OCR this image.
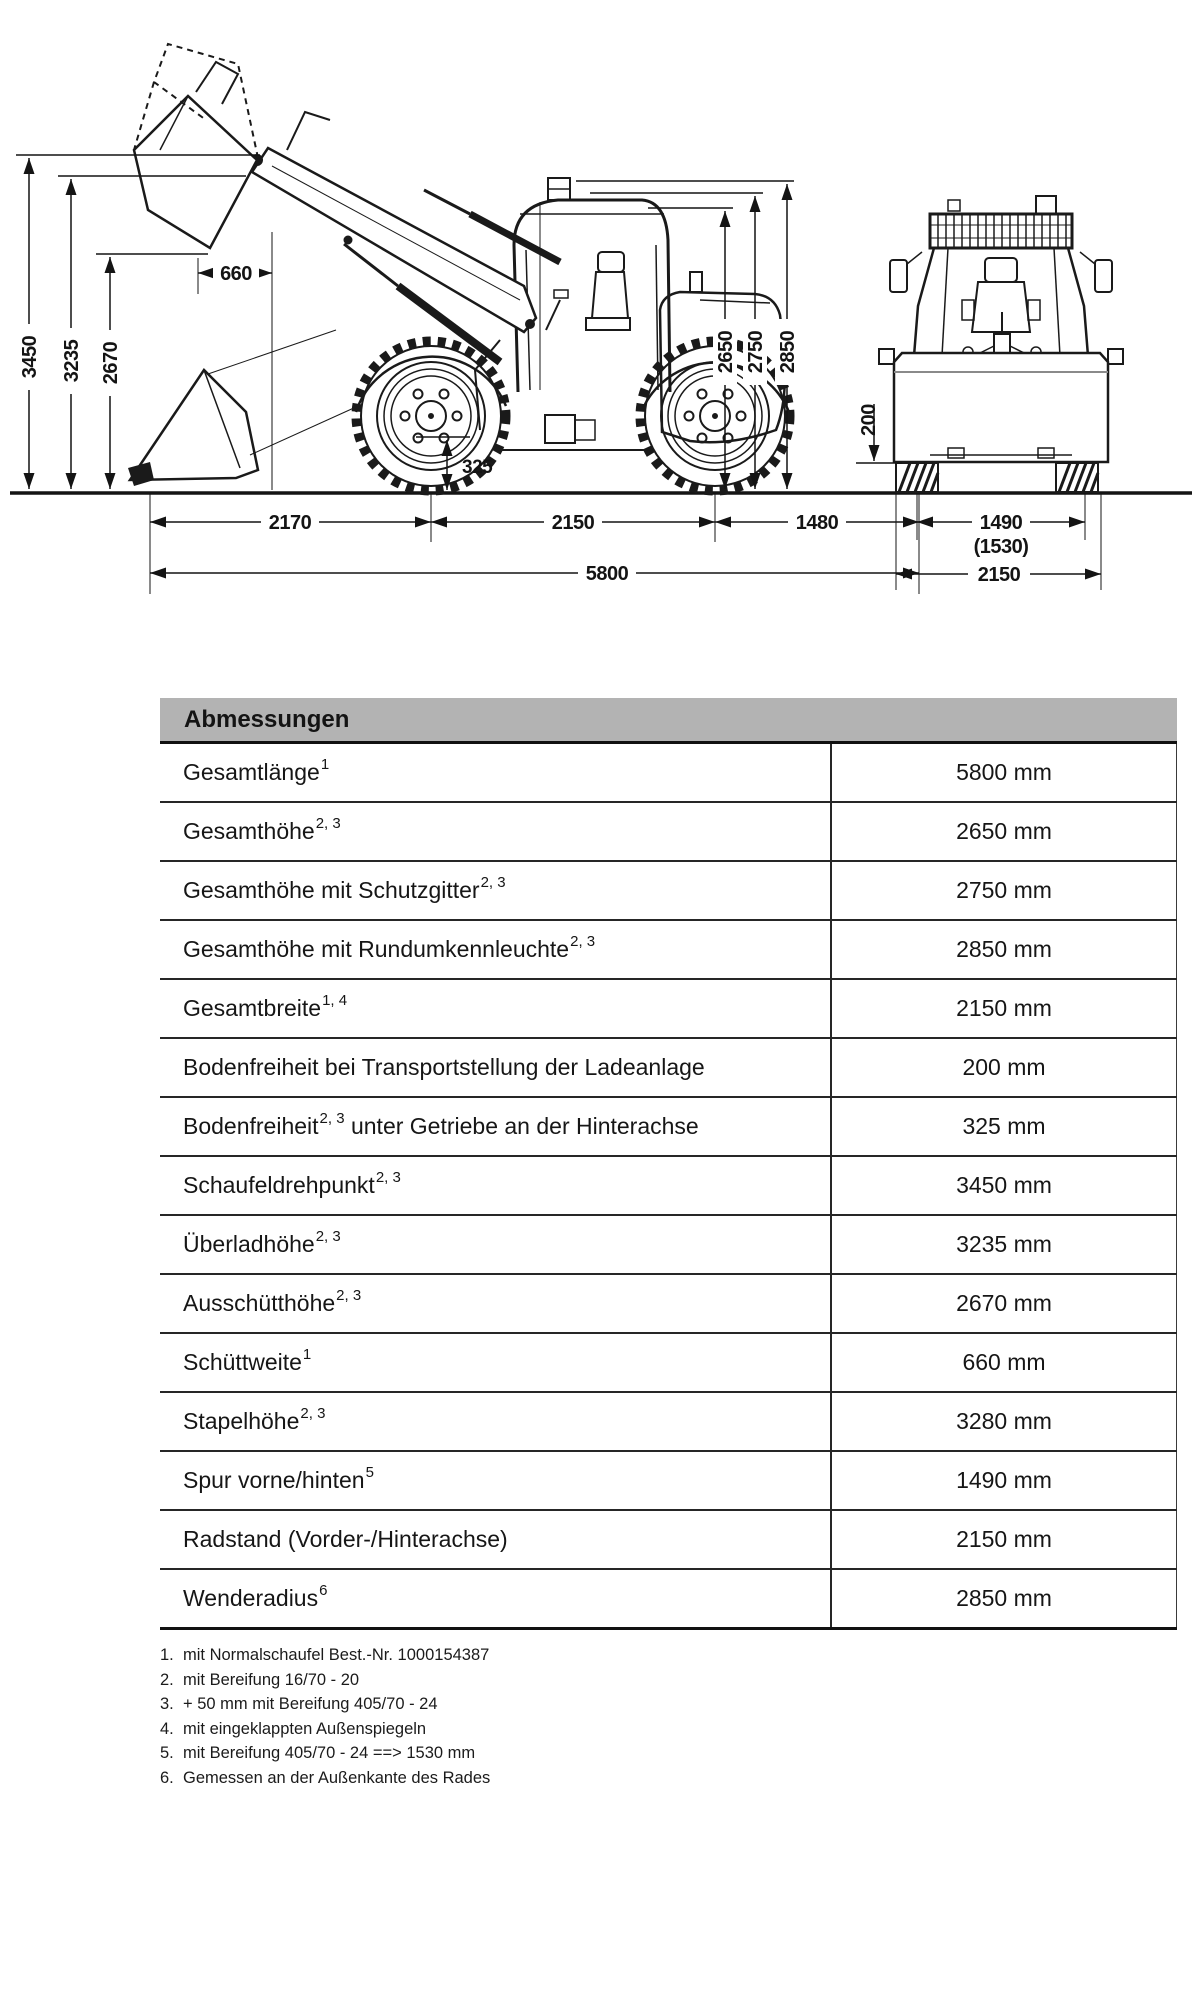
3450 3235 2670	2650 2750 2850
660
325
2170	2150	1480
5800
200
1490
(1530)
2150
Abmessungen
Gesamtlänge$^1$	5800 mm
Gesamthöhe$^{2, 3}$	2650 mm
Gesamthöhe mit Schutzgitter$^{2, 3}$	2750 mm
Gesamthöhe mit Rundumkennleuchte$^{2, 3}$	2850 mm
Gesamtbreite$^{1, 4}$	2150 mm
Bodenfreiheit bei Transportstellung der Ladeanlage	200 mm
Bodenfreiheit$^{2, 3}$ unter Getriebe an der Hinterachse	325 mm
Schaufeldrehpunkt$^{2, 3}$	3450 mm
Überladhöhe$^{2, 3}$	3235 mm
Ausschütthöhe$^{2, 3}$	2670 mm
Schüttweite$^1$	660 mm
Stapelhöhe$^{2, 3}$	3280 mm
Spur vorne/hinten$^5$	1490 mm
Radstand (Vorder-/Hinterachse)	2150 mm
Wenderadius$^6$	2850 mm
1. mit Normalschaufel Best.-Nr. 1000154387
2. mit Bereifung 16/70 - 20
3. + 50 mm mit Bereifung 405/70 - 24
4. mit eingeklappten Außenspiegeln
5. mit Bereifung 405/70 - 24 ==> 1530 mm
6. Gemessen an der Außenkante des Rades
